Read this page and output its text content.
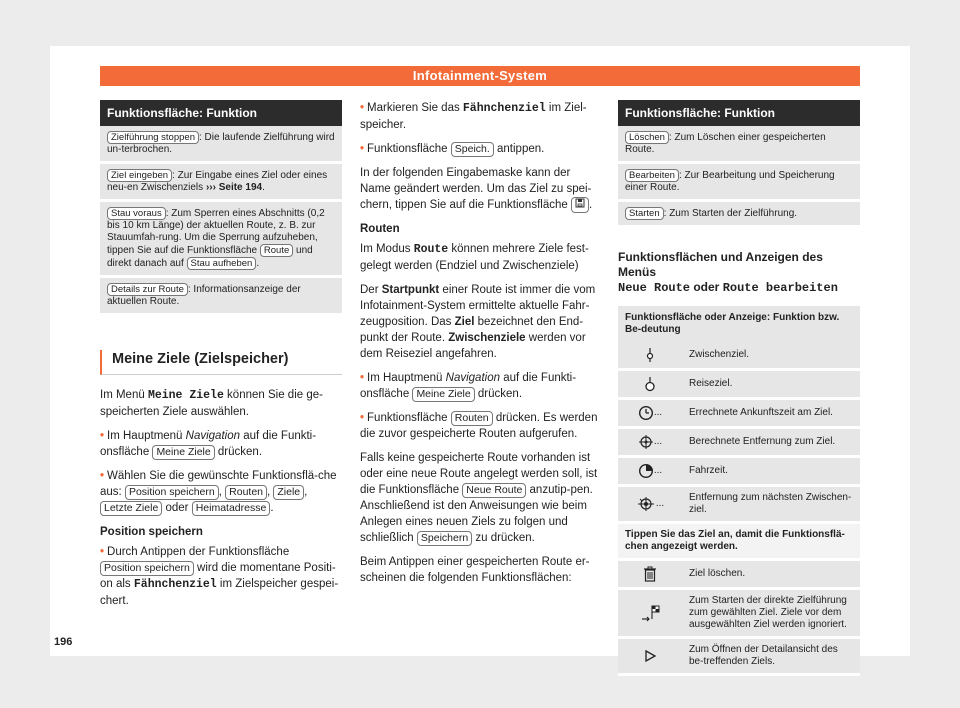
Infotainment-System
Funktionsfläche: Funktion
Zielführung stoppen : Die laufende Zielführung wird un-terbrochen.
Ziel eingeben : Zur Eingabe eines Ziel oder eines neu-en Zwischenziels ››› Seite 194.
Stau voraus : Zum Sperren eines Abschnitts (0,2 bis 10 km Länge) der aktuellen Route, z. B. zur Stauumfah-rung. Um die Sperrung aufzuheben, tippen Sie auf die Funktionsfläche Route und direkt danach auf Stau aufheben .
Details zur Route : Informationsanzeige der aktuellen Route.
Meine Ziele (Zielspeicher)

Im Menü Meine Ziele können Sie die ge-speicherten Ziele auswählen.

• Im Hauptmenü Navigation auf die Funkti-onsfläche Meine Ziele drücken.

• Wählen Sie die gewünschte Funktionsflä-che aus: Position speichern , Routen , Ziele , Letzte Ziele oder Heimatadresse .

Position speichern

• Durch Antippen der Funktionsfläche Position speichern wird die momentane Positi-on als Fähnchenziel im Zielspeicher gespei-chert.

• Markieren Sie das Fähnchenziel im Ziel-speicher.

• Funktionsfläche Speich. antippen.

In der folgenden Eingabemaske kann der Name geändert werden. Um das Ziel zu spei-chern, tippen Sie auf die Funktionsfläche .

Routen

Im Modus Route können mehrere Ziele fest-gelegt werden (Endziel und Zwischenziele)

Der Startpunkt einer Route ist immer die vom Infotainment-System ermittelte aktuelle Fahr-zeugposition. Das Ziel bezeichnet den End-punkt der Route. Zwischenziele werden vor dem Reiseziel angefahren.

• Im Hauptmenü Navigation auf die Funkti-onsfläche Meine Ziele drücken.

• Funktionsfläche Routen drücken. Es werden die zuvor gespeicherte Routen aufgerufen.

Falls keine gespeicherte Route vorhanden ist oder eine neue Route angelegt werden soll, ist die Funktionsfläche Neue Route anzutip-pen. Anschließend ist den Anweisungen wie beim Anlegen eines neuen Ziels zu folgen und schließlich Speichern zu drücken.

Beim Antippen einer gespeicherten Route er-scheinen die folgenden Funktionsflächen:

Funktionsfläche: Funktion
Löschen : Zum Löschen einer gespeicherten Route.
Bearbeiten : Zur Bearbeitung und Speicherung einer Route.
Starten : Zum Starten der Zielführung.
Funktionsflächen und Anzeigen des Menüs
Neue Route oder Route bearbeiten
Funktionsfläche oder Anzeige: Funktion bzw. Be-deutung	
	Zwischenziel.
	Reiseziel.
...	Errechnete Ankunftszeit am Ziel.
...	Berechnete Entfernung zum Ziel.
...	Fahrzeit.
...	Entfernung zum nächsten Zwischen-ziel.
Tippen Sie das Ziel an, damit die Funktionsflä-chen angezeigt werden.	
	Ziel löschen.
	Zum Starten der direkte Zielführung zum gewählten Ziel. Ziele vor dem ausgewählten Ziel werden ignoriert.
	Zum Öffnen der Detailansicht des be-treffenden Ziels.
196
